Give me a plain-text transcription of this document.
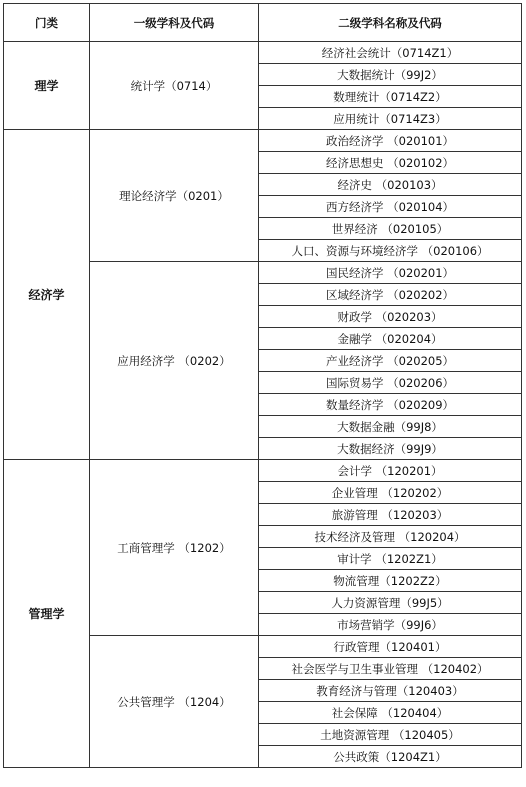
门类	一级学科及代码	二级学科名称及代码
理学	统计学（0714）	经济社会统计（0714Z1）
		大数据统计（99J2）
		数理统计（0714Z2）
		应用统计（0714Z3）
经济学	理论经济学（0201）	政治经济学 （020101）
		经济思想史 （020102）
		经济史 （020103）
		西方经济学 （020104）
		世界经济 （020105）
		人口、资源与环境经济学 （020106）
	应用经济学 （0202）	国民经济学 （020201）
		区域经济学 （020202）
		财政学 （020203）
		金融学 （020204）
		产业经济学 （020205）
		国际贸易学 （020206）
		数量经济学 （020209）
		大数据金融（99J8）
		大数据经济（99J9）
管理学	工商管理学 （1202）	会计学 （120201）
		企业管理 （120202）
		旅游管理 （120203）
		技术经济及管理 （120204）
		审计学 （1202Z1）
		物流管理（1202Z2）
		人力资源管理（99J5）
		市场营销学（99J6）
	公共管理学 （1204）	行政管理（120401）
		社会医学与卫生事业管理 （120402）
		教育经济与管理（120403）
		社会保障 （120404）
		土地资源管理 （120405）
		公共政策（1204Z1）
